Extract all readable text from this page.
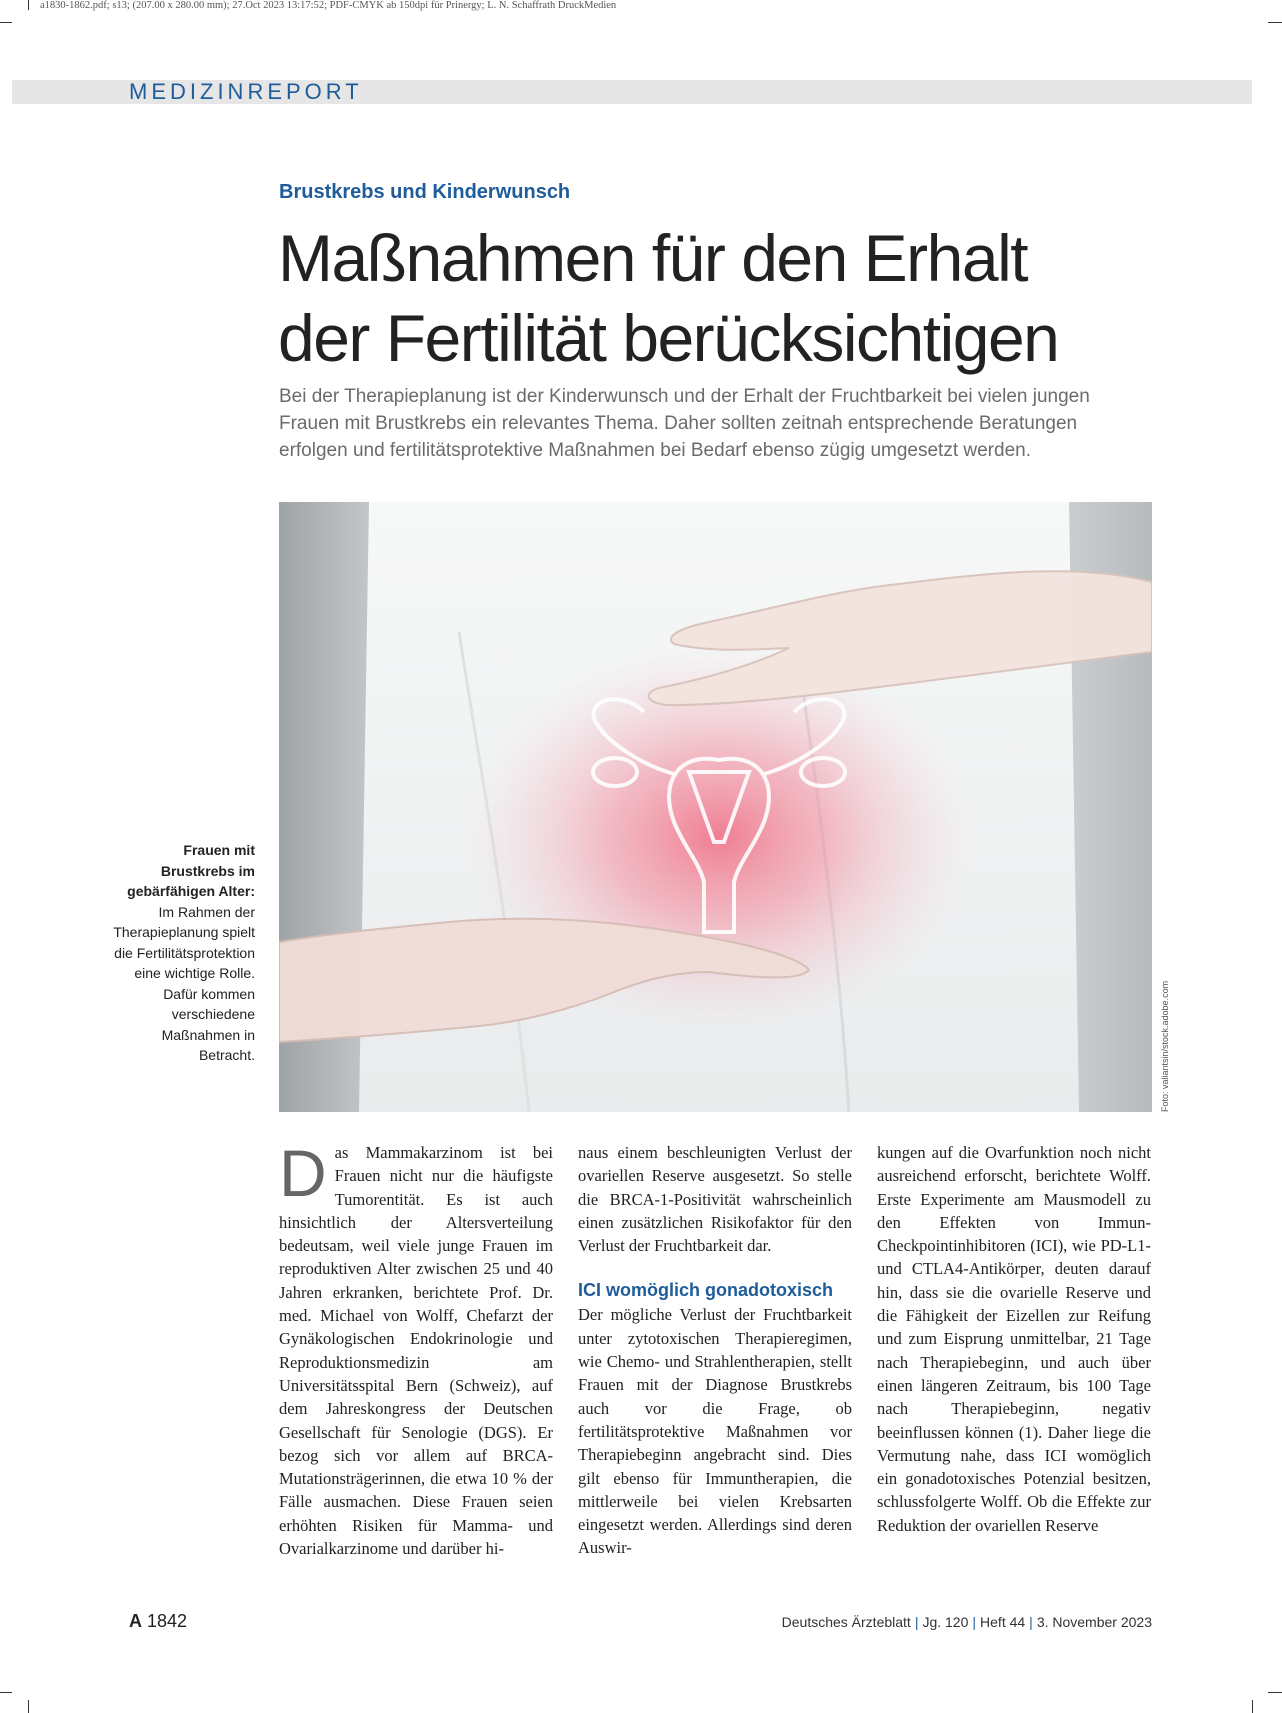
a1830-1862.pdf; s13; (207.00 x 280.00 mm); 27.Oct 2023 13:17:52; PDF-CMYK ab 150dpi für Prinergy; L. N. Schaffrath DruckMedien
MEDIZINREPORT
Brustkrebs und Kinderwunsch
Maßnahmen für den Erhalt
der Fertilität berücksichtigen

Bei der Therapieplanung ist der Kinderwunsch und der Erhalt der Fruchtbarkeit bei vielen jungen Frauen mit Brustkrebs ein relevantes Thema. Daher sollten zeitnah entsprechende Beratungen erfolgen und fertilitätsprotektive Maßnahmen bei Bedarf ebenso zügig umgesetzt werden.

Foto: valiantsin/stock.adobe.com

Frauen mit Brustkrebs im gebärfähigen Alter: Im Rahmen der Therapieplanung spielt die Fertilitätsprotektion eine wichtige Rolle. Dafür kommen verschiedene Maßnahmen in Betracht.

Das Mammakarzinom ist bei Frauen nicht nur die häufigste Tumorentität. Es ist auch hinsichtlich der Altersverteilung bedeutsam, weil viele junge Frauen im reproduktiven Alter zwischen 25 und 40 Jahren erkranken, berichtete Prof. Dr. med. Michael von Wolff, Chefarzt der Gynäkologischen Endokrinologie und Reproduktionsmedizin am Universitätsspital Bern (Schweiz), auf dem Jahreskongress der Deutschen Gesellschaft für Senologie (DGS). Er bezog sich vor allem auf BRCA-Mutationsträgerinnen, die etwa 10 % der Fälle ausmachen. Diese Frauen seien erhöhten Risiken für Mamma- und Ovarialkarzinome und darüber hi-

naus einem beschleunigten Verlust der ovariellen Reserve ausgesetzt. So stelle die BRCA-1-Positivität wahrscheinlich einen zusätzlichen Risikofaktor für den Verlust der Fruchtbarkeit dar.

ICI womöglich gonadotoxisch

Der mögliche Verlust der Fruchtbarkeit unter zytotoxischen Therapieregimen, wie Chemo- und Strahlentherapien, stellt Frauen mit der Diagnose Brustkrebs auch vor die Frage, ob fertilitätsprotektive Maßnahmen vor Therapiebeginn angebracht sind. Dies gilt ebenso für Immuntherapien, die mittlerweile bei vielen Krebsarten eingesetzt werden. Allerdings sind deren Auswir-

kungen auf die Ovarfunktion noch nicht ausreichend erforscht, berichtete Wolff. Erste Experimente am Mausmodell zu den Effekten von Immun-Checkpointinhibitoren (ICI), wie PD-L1- und CTLA4-Antikörper, deuten darauf hin, dass sie die ovarielle Reserve und die Fähigkeit der Eizellen zur Reifung und zum Eisprung unmittelbar, 21 Tage nach Therapiebeginn, und auch über einen längeren Zeitraum, bis 100 Tage nach Therapiebeginn, negativ beeinflussen können (1). Daher liege die Vermutung nahe, dass ICI womöglich ein gonadotoxisches Potenzial besitzen, schlussfolgerte Wolff. Ob die Effekte zur Reduktion der ovariellen Reserve

A 1842	Deutsches Ärzteblatt | Jg. 120 | Heft 44 | 3. November 2023
